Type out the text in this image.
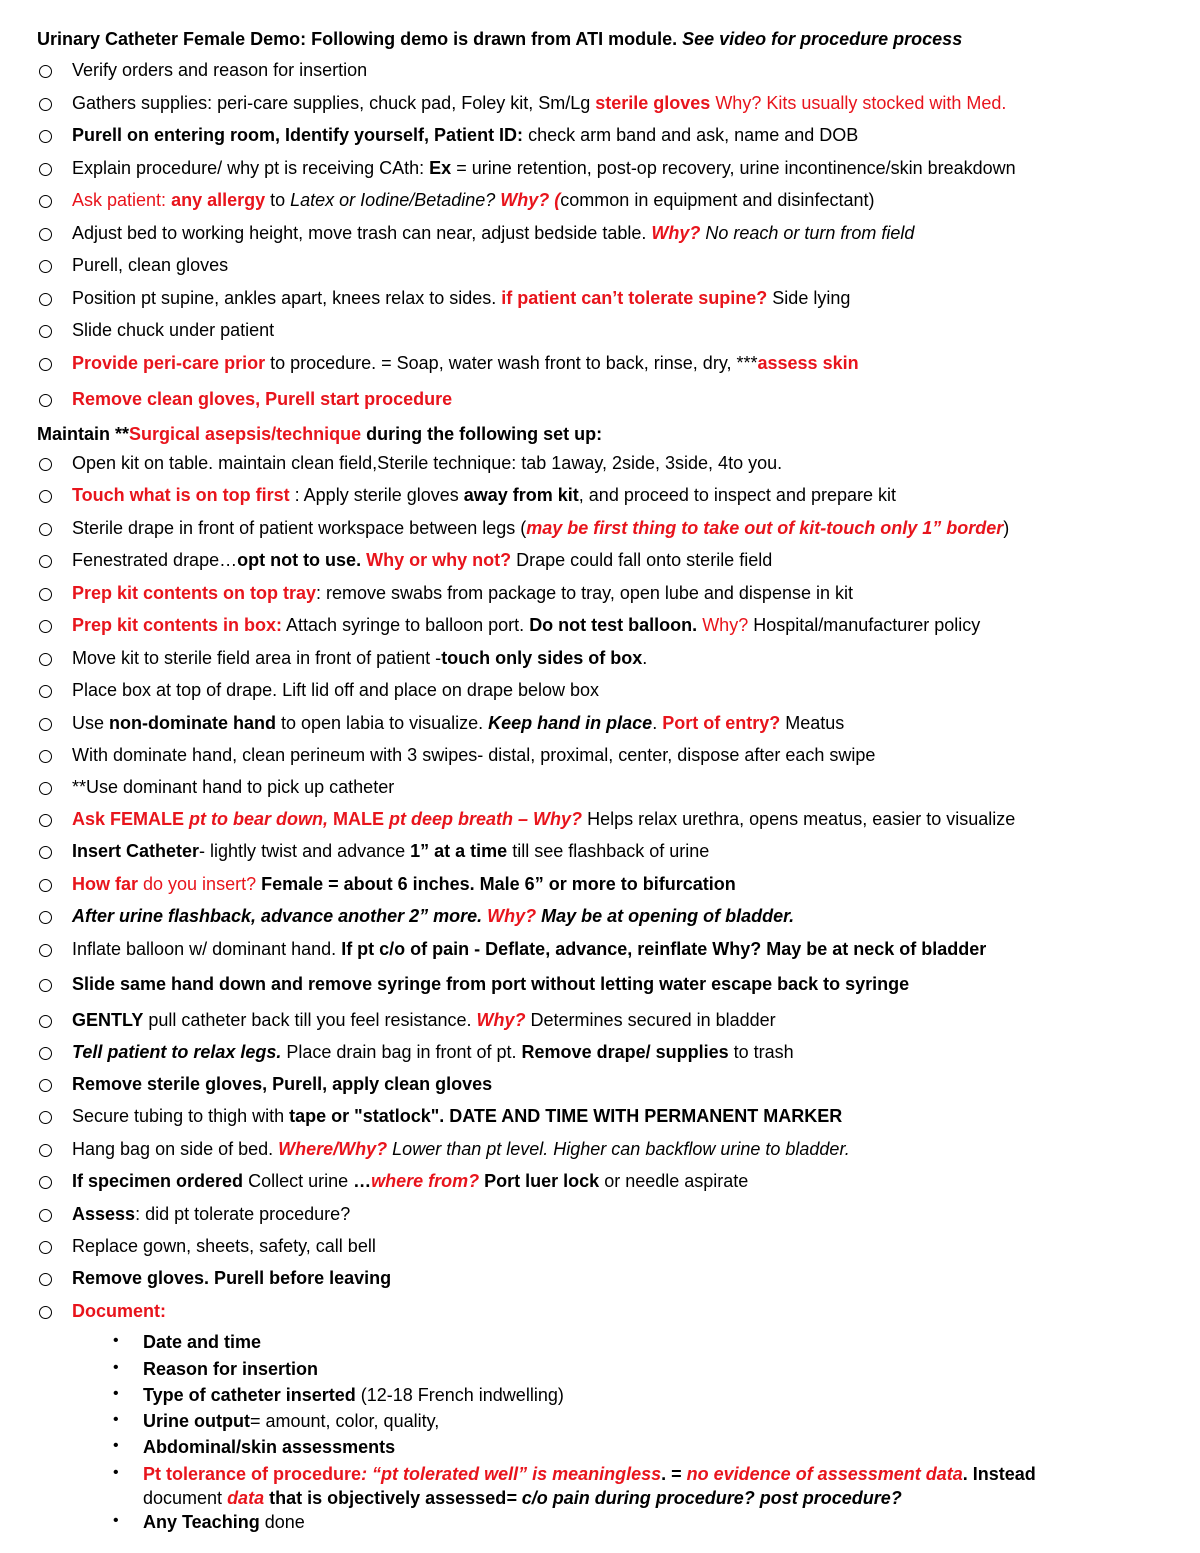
Urinary Catheter Female Demo: Following demo is drawn from ATI module. See video for procedure process
Verify orders and reason for insertion
Gathers supplies: peri-care supplies, chuck pad, Foley kit, Sm/Lg sterile gloves Why? Kits usually stocked with Med.
Purell on entering room, Identify yourself, Patient ID: check arm band and ask, name and DOB
Explain procedure/ why pt is receiving CAth: Ex = urine retention, post-op recovery, urine incontinence/skin breakdown
Ask patient: any allergy to Latex or Iodine/Betadine? Why? (common in equipment and disinfectant)
Adjust bed to working height, move trash can near, adjust bedside table. Why? No reach or turn from field
Purell, clean gloves
Position pt supine, ankles apart, knees relax to sides. if patient can’t tolerate supine? Side lying
Slide chuck under patient
Provide peri-care prior to procedure. = Soap, water wash front to back, rinse, dry, ***assess skin
Remove clean gloves, Purell start procedure
Maintain **Surgical asepsis/technique during the following set up:
Open kit on table. maintain clean field,Sterile technique: tab 1away, 2side, 3side, 4to you.
Touch what is on top first : Apply sterile gloves away from kit, and proceed to inspect and prepare kit
Sterile drape in front of patient workspace between legs (may be first thing to take out of kit-touch only 1” border)
Fenestrated drape…opt not to use. Why or why not? Drape could fall onto sterile field
Prep kit contents on top tray: remove swabs from package to tray, open lube and dispense in kit
Prep kit contents in box: Attach syringe to balloon port. Do not test balloon. Why? Hospital/manufacturer policy
Move kit to sterile field area in front of patient -touch only sides of box.
Place box at top of drape. Lift lid off and place on drape below box
Use non-dominate hand to open labia to visualize. Keep hand in place. Port of entry? Meatus
With dominate hand, clean perineum with 3 swipes- distal, proximal, center, dispose after each swipe
**Use dominant hand to pick up catheter
Ask FEMALE pt to bear down, MALE pt deep breath – Why? Helps relax urethra, opens meatus, easier to visualize
Insert Catheter- lightly twist and advance 1” at a time till see flashback of urine
How far do you insert? Female = about 6 inches. Male 6” or more to bifurcation
After urine flashback, advance another 2” more. Why? May be at opening of bladder.
Inflate balloon w/ dominant hand. If pt c/o of pain - Deflate, advance, reinflate Why? May be at neck of bladder
Slide same hand down and remove syringe from port without letting water escape back to syringe
GENTLY pull catheter back till you feel resistance. Why? Determines secured in bladder
Tell patient to relax legs. Place drain bag in front of pt. Remove drape/ supplies to trash
Remove sterile gloves, Purell, apply clean gloves
Secure tubing to thigh with tape or "statlock". DATE AND TIME WITH PERMANENT MARKER
Hang bag on side of bed. Where/Why? Lower than pt level. Higher can backflow urine to bladder.
If specimen ordered Collect urine …where from? Port luer lock or needle aspirate
Assess: did pt tolerate procedure?
Replace gown, sheets, safety, call bell
Remove gloves. Purell before leaving
Document:
• Date and time
• Reason for insertion
• Type of catheter inserted (12-18 French indwelling)
• Urine output= amount, color, quality,
• Abdominal/skin assessments
• Pt tolerance of procedure: “pt tolerated well” is meaningless. = no evidence of assessment data. Instead
document data that is objectively assessed= c/o pain during procedure? post procedure?
• Any Teaching done
